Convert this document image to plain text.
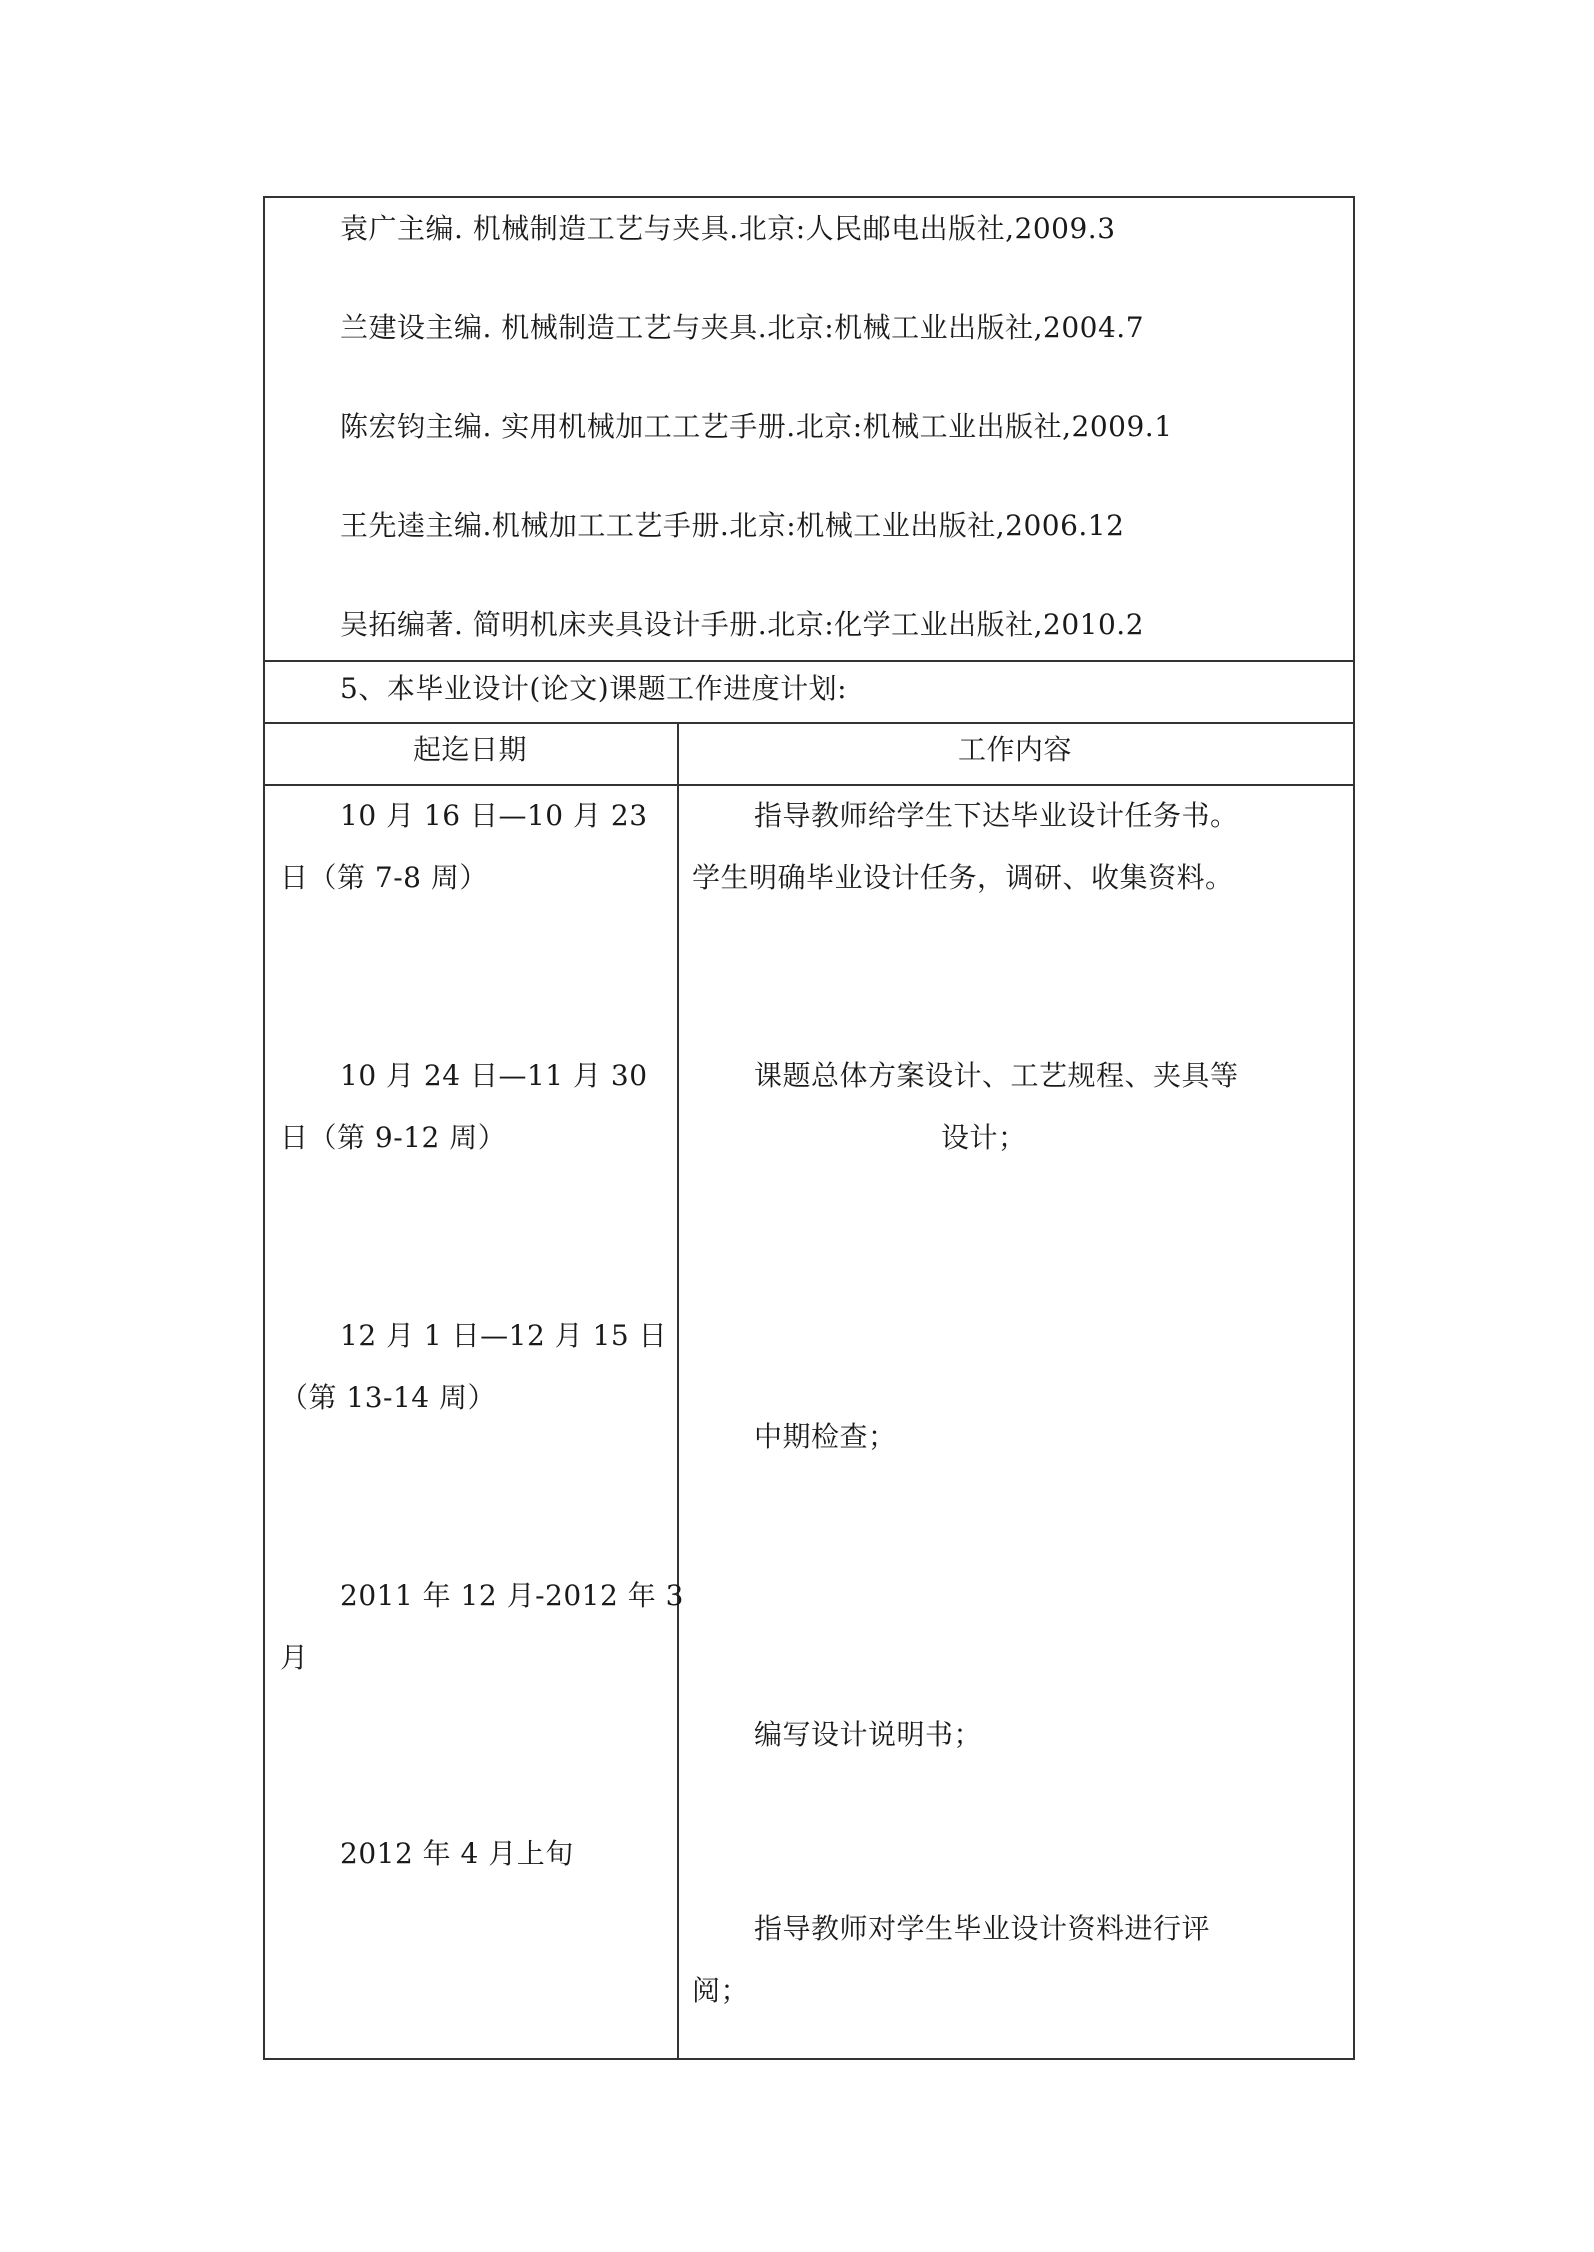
袁广主编. 机械制造工艺与夹具.北京:人民邮电出版社,2009.3
兰建设主编. 机械制造工艺与夹具.北京:机械工业出版社,2004.7
陈宏钧主编. 实用机械加工工艺手册.北京:机械工业出版社,2009.1
王先逵主编.机械加工工艺手册.北京:机械工业出版社,2006.12
吴拓编著. 简明机床夹具设计手册.北京:化学工业出版社,2010.2
5、本毕业设计(论文)课题工作进度计划:
起迄日期	工作内容
10 月 16 日—10 月 23
日（第 7-8 周）
指导教师给学生下达毕业设计任务书。
学生明确毕业设计任务，调研、收集资料。
10 月 24 日—11 月 30
日（第 9-12 周）
课题总体方案设计、工艺规程、夹具等
设计；
12 月 1 日—12 月 15 日
（第 13-14 周）
中期检查；
2011 年 12 月-2012 年 3
月
编写设计说明书；
2012 年 4 月上旬
指导教师对学生毕业设计资料进行评
阅；
